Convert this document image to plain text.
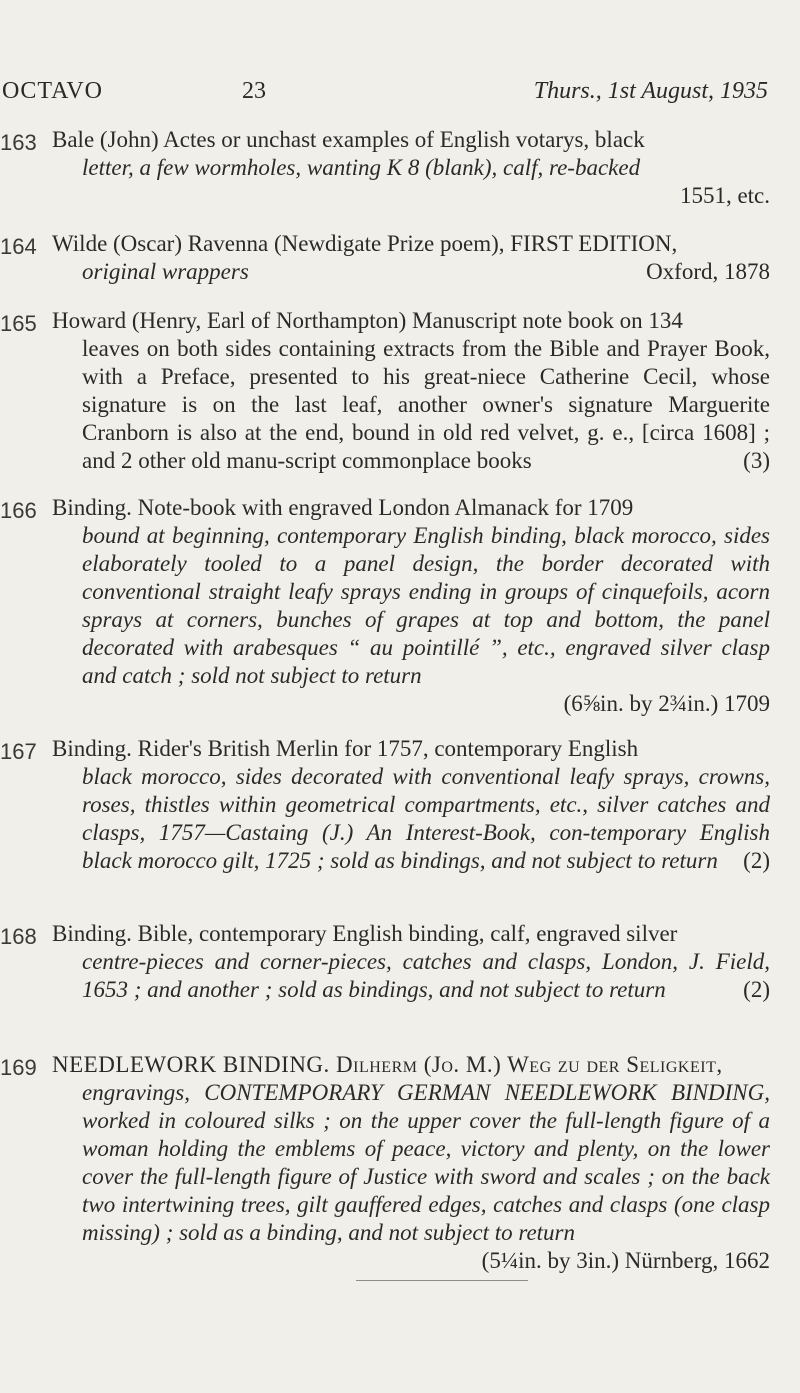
OCTAVO	23	Thurs., 1st August, 1935
163 Bale (John) Actes or unchast examples of English votarys, black

letter, a few wormholes, wanting K 8 (blank), calf, re-backed

1551, etc.

164 Wilde (Oscar) Ravenna (Newdigate Prize poem), FIRST EDITION,

original wrappers	Oxford, 1878

165 Howard (Henry, Earl of Northampton) Manuscript note book on 134

leaves on both sides containing extracts from the Bible and Prayer Book, with a Preface, presented to his great-niece Catherine Cecil, whose signature is on the last leaf, another owner's signature Marguerite Cranborn is also at the end, bound in old red velvet, g. e., [circa 1608] ; and 2 other old manu-script commonplace books	(3)

166 Binding. Note-book with engraved London Almanack for 1709

bound at beginning, contemporary English binding, black morocco, sides elaborately tooled to a panel design, the border decorated with conventional straight leafy sprays ending in groups of cinquefoils, acorn sprays at corners, bunches of grapes at top and bottom, the panel decorated with arabesques “ au pointillé ”, etc., engraved silver clasp and catch ; sold not subject to return

(6⅝in. by 2¾in.) 1709

167 Binding. Rider's British Merlin for 1757, contemporary English

black morocco, sides decorated with conventional leafy sprays, crowns, roses, thistles within geometrical compartments, etc., silver catches and clasps, 1757—Castaing (J.) An Interest-Book, con-temporary English black morocco gilt, 1725 ; sold as bindings, and not subject to return	(2)

168 Binding. Bible, contemporary English binding, calf, engraved silver

centre-pieces and corner-pieces, catches and clasps, London, J. Field, 1653 ; and another ; sold as bindings, and not subject to return	(2)

169 NEEDLEWORK BINDING. Dilherm (Jo. M.) Weg zu der Seligkeit,

engravings, CONTEMPORARY GERMAN NEEDLEWORK BINDING, worked in coloured silks ; on the upper cover the full-length figure of a woman holding the emblems of peace, victory and plenty, on the lower cover the full-length figure of Justice with sword and scales ; on the back two intertwining trees, gilt gauffered edges, catches and clasps (one clasp missing) ; sold as a binding, and not subject to return

(5¼in. by 3in.) Nürnberg, 1662
